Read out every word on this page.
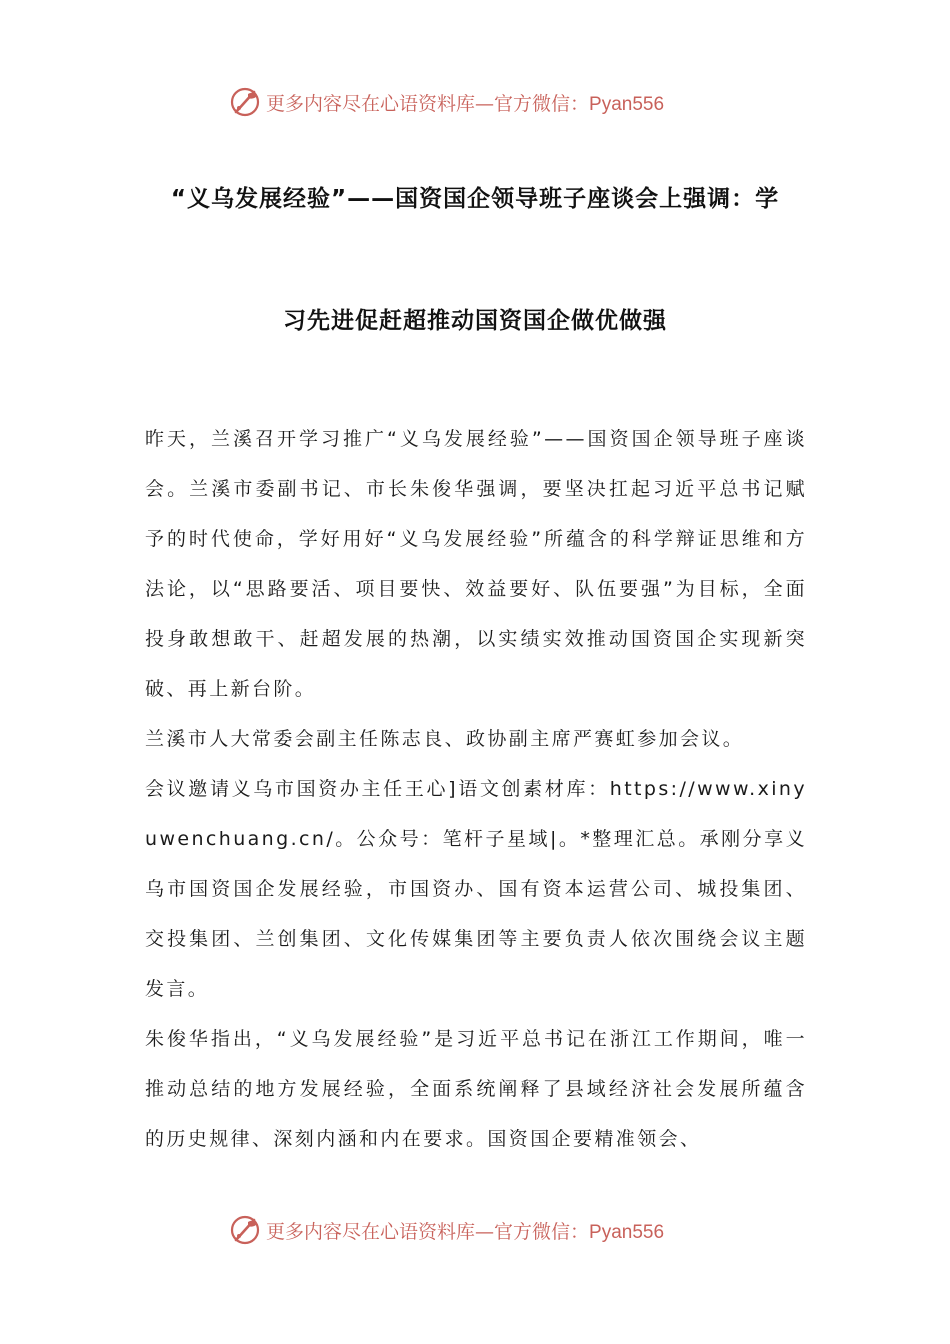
更多内容尽在心语资料库—官方微信：Pyan556
“义乌发展经验”——国资国企领导班子座谈会上强调：学
习先进促赶超推动国资国企做优做强

昨天，兰溪召开学习推广“义乌发展经验”——国资国企领导班子座谈会。兰溪市委副书记、市长朱俊华强调，要坚决扛起习近平总书记赋予的时代使命，学好用好“义乌发展经验”所蕴含的科学辩证思维和方法论，以“思路要活、项目要快、效益要好、队伍要强”为目标，全面投身敢想敢干、赶超发展的热潮，以实绩实效推动国资国企实现新突破、再上新台阶。

兰溪市人大常委会副主任陈志良、政协副主席严赛虹参加会议。

会议邀请义乌市国资办主任王心]语文创素材库：https://www.xinyuwenchuang.cn/。公众号：笔杆子星域|。*整理汇总。承刚分享义乌市国资国企发展经验，市国资办、国有资本运营公司、城投集团、交投集团、兰创集团、文化传媒集团等主要负责人依次围绕会议主题发言。

朱俊华指出，“义乌发展经验”是习近平总书记在浙江工作期间，唯一推动总结的地方发展经验，全面系统阐释了县域经济社会发展所蕴含的历史规律、深刻内涵和内在要求。国资国企要精准领会、

更多内容尽在心语资料库—官方微信：Pyan556
